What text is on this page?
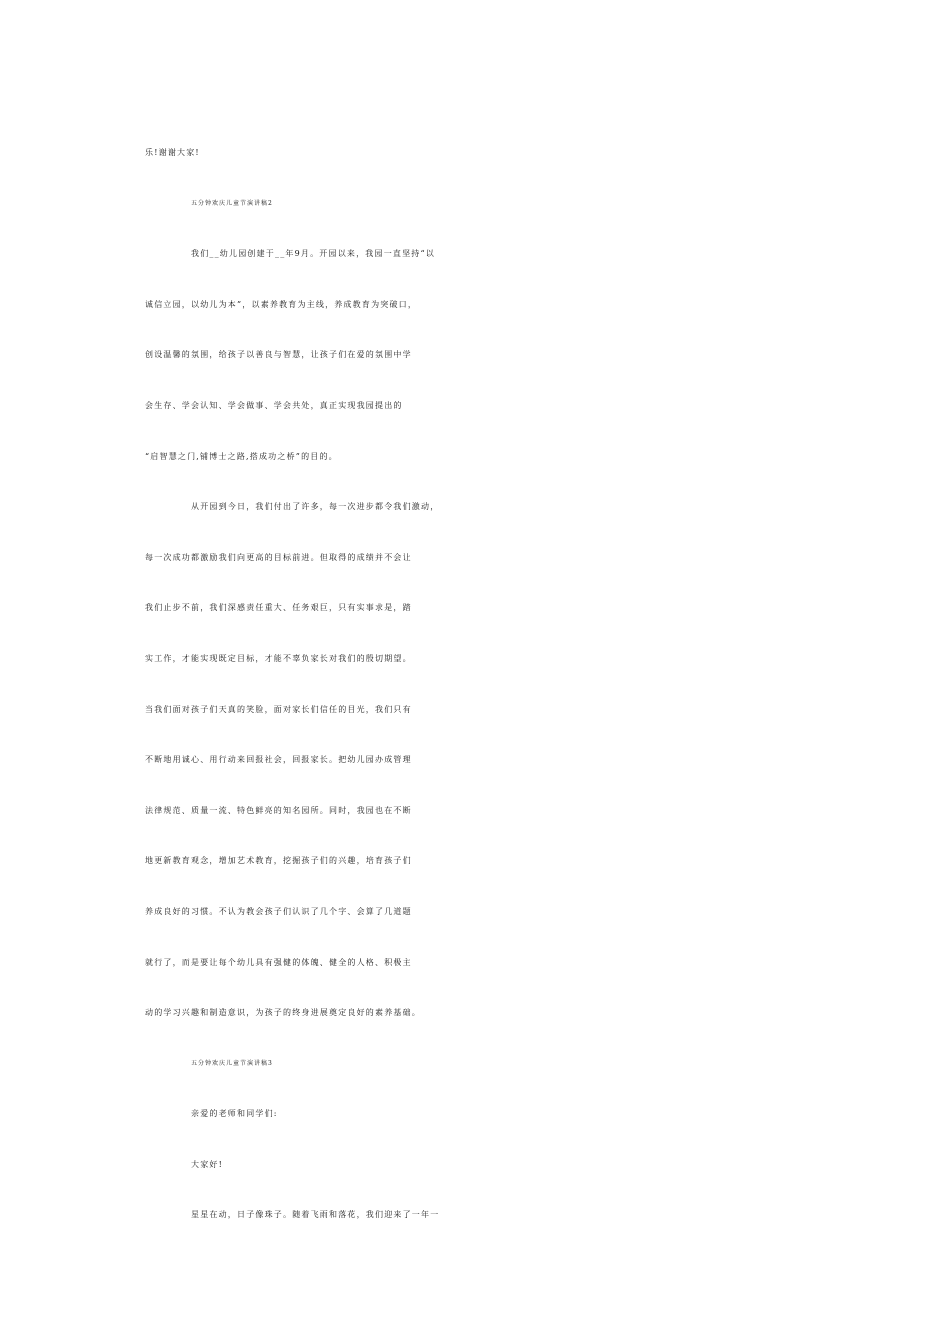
乐!谢谢大家!
五分钟欢庆儿童节演讲稿2
我们__幼儿园创建于__年9月。开园以来，我园一直坚持“以
诚信立园，以幼儿为本”，以素养教育为主线，养成教育为突破口，
创设温馨的氛围，给孩子以善良与智慧，让孩子们在爱的氛围中学
会生存、学会认知、学会做事、学会共处，真正实现我园提出的
“启智慧之门,铺博士之路,搭成功之桥”的目的。
从开园到今日，我们付出了许多，每一次进步都令我们激动，
每一次成功都激励我们向更高的目标前进。但取得的成绩并不会让
我们止步不前，我们深感责任重大、任务艰巨，只有实事求是，踏
实工作，才能实现既定目标，才能不辜负家长对我们的殷切期望。
当我们面对孩子们天真的笑脸，面对家长们信任的目光，我们只有
不断地用诚心、用行动来回报社会，回报家长。把幼儿园办成管理
法律规范、质量一流、特色鲜亮的知名园所。同时，我园也在不断
地更新教育观念，增加艺术教育，挖掘孩子们的兴趣，培育孩子们
养成良好的习惯。不认为教会孩子们认识了几个字、会算了几道题
就行了，而是要让每个幼儿具有强健的体魄、健全的人格、积极主
动的学习兴趣和制造意识，为孩子的终身进展奠定良好的素养基础。
五分钟欢庆儿童节演讲稿3
亲爱的老师和同学们:
大家好!
星星在动，日子像珠子。随着飞雨和落花，我们迎来了一年一
